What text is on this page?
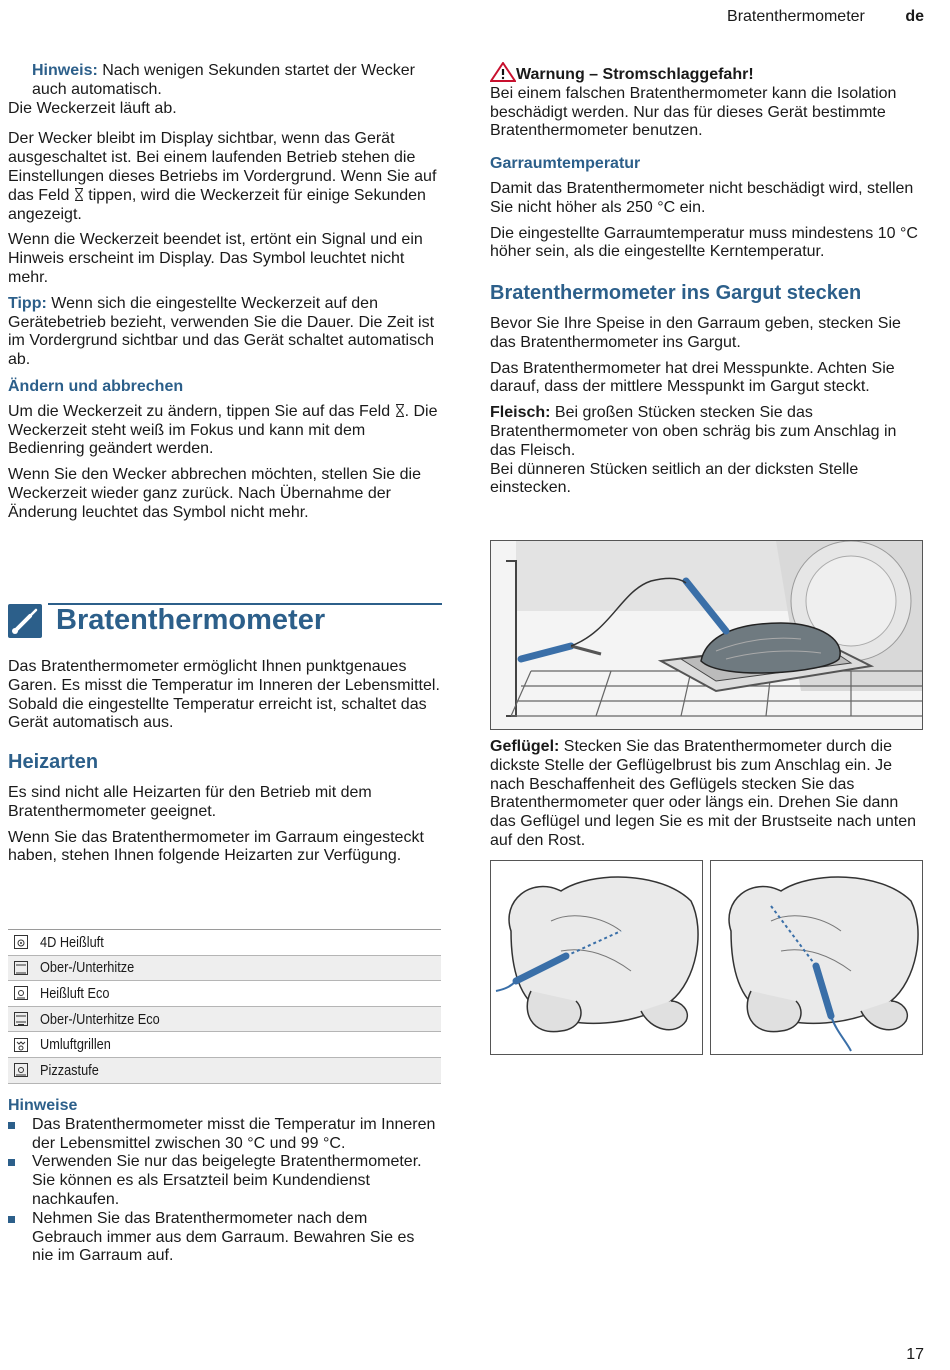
Bratenthermometer	de

Hinweis: Nach wenigen Sekunden startet der Wecker auch automatisch.

Die Weckerzeit läuft ab.

Der Wecker bleibt im Display sichtbar, wenn das Gerät ausgeschaltet ist. Bei einem laufenden Betrieb stehen die Einstellungen dieses Betriebs im Vordergrund. Wenn Sie auf das Feld  tippen, wird die Weckerzeit für einige Sekunden angezeigt.

Wenn die Weckerzeit beendet ist, ertönt ein Signal und ein Hinweis erscheint im Display. Das Symbol leuchtet nicht mehr.

Tipp: Wenn sich die eingestellte Weckerzeit auf den Gerätebetrieb bezieht, verwenden Sie die Dauer. Die Zeit ist im Vordergrund sichtbar und das Gerät schaltet automatisch ab.

Ändern und abbrechen

Um die Weckerzeit zu ändern, tippen Sie auf das Feld . Die Weckerzeit steht weiß im Fokus und kann mit dem Bedienring geändert werden.

Wenn Sie den Wecker abbrechen möchten, stellen Sie die Weckerzeit wieder ganz zurück. Nach Übernahme der Änderung leuchtet das Symbol nicht mehr.

Bratenthermometer

Das Bratenthermometer ermöglicht Ihnen punktgenaues Garen. Es misst die Temperatur im Inneren der Lebensmittel. Sobald die eingestellte Temperatur erreicht ist, schaltet das Gerät automatisch aus.

Heizarten

Es sind nicht alle Heizarten für den Betrieb mit dem Bratenthermometer geeignet.

Wenn Sie das Bratenthermometer im Garraum eingesteckt haben, stehen Ihnen folgende Heizarten zur Verfügung.

4D Heißluft
Ober-/Unterhitze
Heißluft Eco
Ober-/Unterhitze Eco
Umluftgrillen
Pizzastufe
Hinweise
Das Bratenthermometer misst die Temperatur im Inneren der Lebensmittel zwischen 30 °C und 99 °C.
Verwenden Sie nur das beigelegte Bratenthermometer. Sie können es als Ersatzteil beim Kundendienst nachkaufen.
Nehmen Sie das Bratenthermometer nach dem Gebrauch immer aus dem Garraum. Bewahren Sie es nie im Garraum auf.

Warnung – Stromschlaggefahr!

Bei einem falschen Bratenthermometer kann die Isolation beschädigt werden. Nur das für dieses Gerät bestimmte Bratenthermometer benutzen.

Garraumtemperatur

Damit das Bratenthermometer nicht beschädigt wird, stellen Sie nicht höher als 250 °C ein.

Die eingestellte Garraumtemperatur muss mindestens 10 °C höher sein, als die eingestellte Kerntemperatur.

Bratenthermometer ins Gargut stecken

Bevor Sie Ihre Speise in den Garraum geben, stecken Sie das Bratenthermometer ins Gargut.

Das Bratenthermometer hat drei Messpunkte. Achten Sie darauf, dass der mittlere Messpunkt im Gargut steckt.

Fleisch: Bei großen Stücken stecken Sie das Bratenthermometer von oben schräg bis zum Anschlag in das Fleisch.

Bei dünneren Stücken seitlich an der dicksten Stelle einstecken.

Geflügel: Stecken Sie das Bratenthermometer durch die dickste Stelle der Geflügelbrust bis zum Anschlag ein. Je nach Beschaffenheit des Geflügels stecken Sie das Bratenthermometer quer oder längs ein. Drehen Sie dann das Geflügel und legen Sie es mit der Brustseite nach unten auf den Rost.

17
